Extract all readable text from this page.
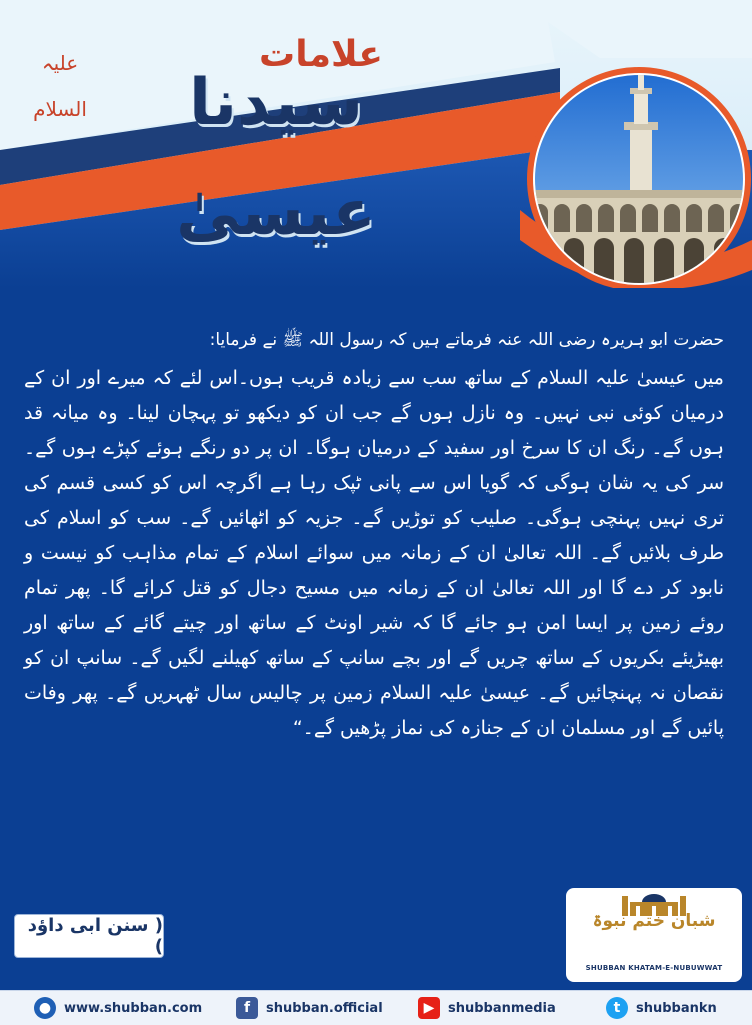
علامات
سیدنا عیسیٰ
علیہ السلام

حضرت ابو ہریرہ رضی اللہ عنہ فرماتے ہیں کہ رسول اللہ ﷺ نے فرمایا:

میں عیسیٰ علیہ السلام کے ساتھ سب سے زیادہ قریب ہوں۔اس لئے کہ میرے اور ان کے درمیان کوئی نبی نہیں۔ وہ نازل ہوں گے جب ان کو دیکھو تو پہچان لینا۔ وہ میانہ قد ہوں گے۔ رنگ ان کا سرخ اور سفید کے درمیان ہوگا۔ ان پر دو رنگے ہوئے کپڑے ہوں گے۔ سر کی یہ شان ہوگی کہ گویا اس سے پانی ٹپک رہا ہے اگرچہ اس کو کسی قسم کی تری نہیں پہنچی ہوگی۔ صلیب کو توڑیں گے۔ جزیہ کو اٹھائیں گے۔ سب کو اسلام کی طرف بلائیں گے۔ اللہ تعالیٰ ان کے زمانہ میں سوائے اسلام کے تمام مذاہب کو نیست و نابود کر دے گا اور اللہ تعالیٰ ان کے زمانہ میں مسیح دجال کو قتل کرائے گا۔ پھر تمام روئے زمین پر ایسا امن ہو جائے گا کہ شیر اونٹ کے ساتھ اور چیتے گائے کے ساتھ اور بھیڑیئے بکریوں کے ساتھ چریں گے اور بچے سانپ کے ساتھ کھیلنے لگیں گے۔ سانپ ان کو نقصان نہ پہنچائیں گے۔ عیسیٰ علیہ السلام زمین پر چالیس سال ٹھہریں گے۔ پھر وفات پائیں گے اور مسلمان ان کے جنازہ کی نماز پڑھیں گے۔“

( سنن ابی داؤد )
شبان ختم نبوۃ
SHUBBAN KHATAM-E-NUBUWWAT
● www.shubban.com	f	shubban.official	▶	shubbanmedia	t	shubbankn
